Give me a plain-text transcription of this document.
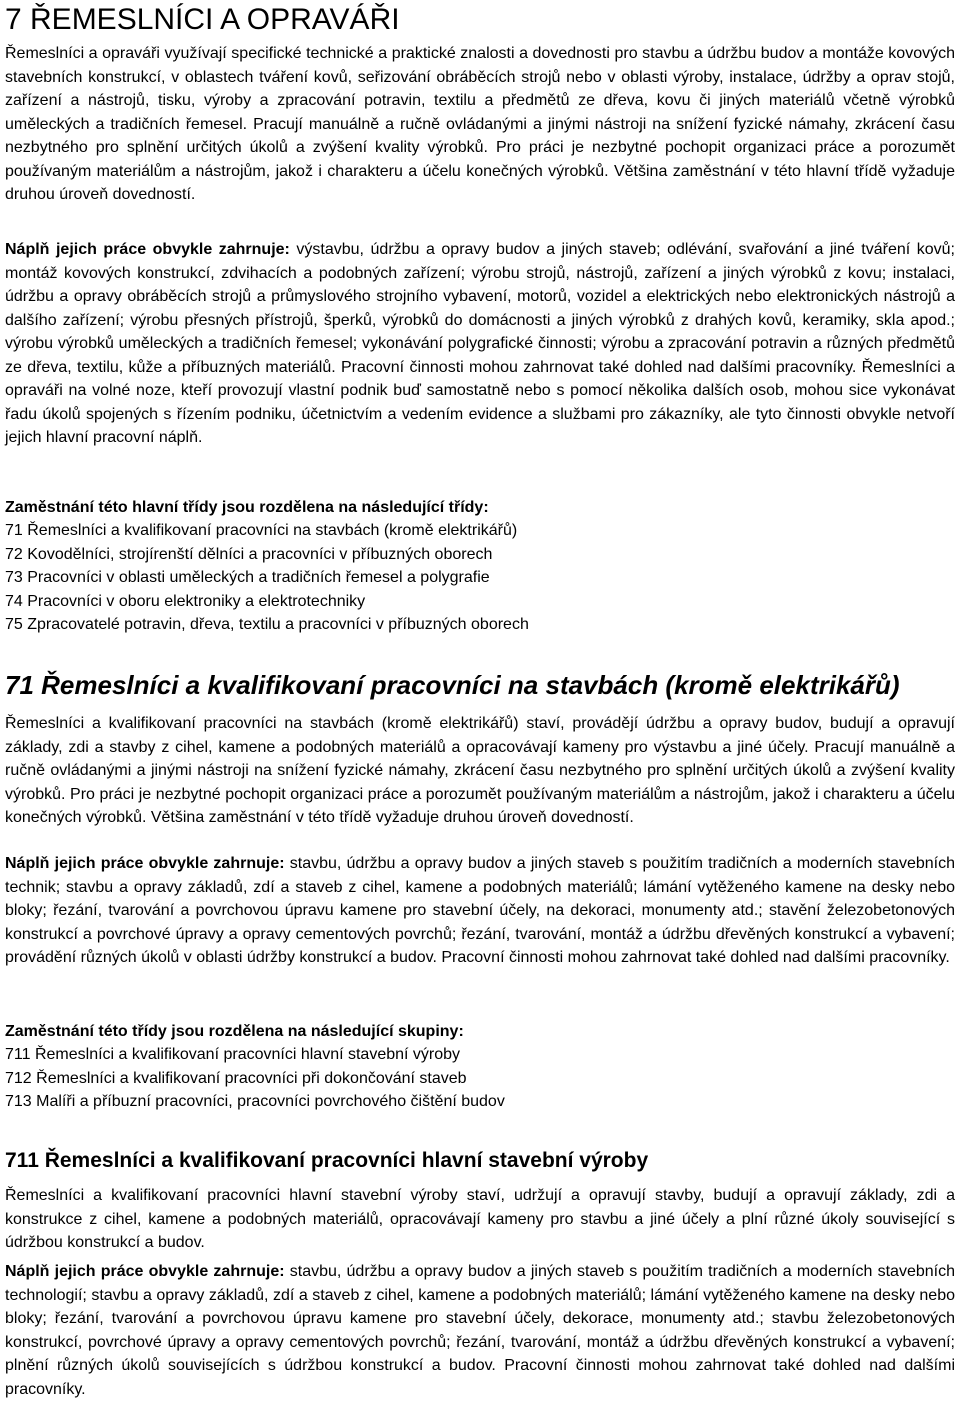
7 ŘEMESLNÍCI A OPRAVÁŘI

Řemeslníci a opraváři využívají specifické technické a praktické znalosti a dovednosti pro stavbu a údržbu budov a montáže kovových stavebních konstrukcí, v oblastech tváření kovů, seřizování obráběcích strojů nebo v oblasti výroby, instalace, údržby a oprav stojů, zařízení a nástrojů, tisku, výroby a zpracování potravin, textilu a předmětů ze dřeva, kovu či jiných materiálů včetně výrobků uměleckých a tradičních řemesel. Pracují manuálně a ručně ovládanými a jinými nástroji na snížení fyzické námahy, zkrácení času nezbytného pro splnění určitých úkolů a zvýšení kvality výrobků. Pro práci je nezbytné pochopit organizaci práce a porozumět používaným materiálům a nástrojům, jakož i charakteru a účelu konečných výrobků. Většina zaměstnání v této hlavní třídě vyžaduje druhou úroveň dovedností.

Náplň jejich práce obvykle zahrnuje: výstavbu, údržbu a opravy budov a jiných staveb; odlévání, svařování a jiné tváření kovů; montáž kovových konstrukcí, zdvihacích a podobných zařízení; výrobu strojů, nástrojů, zařízení a jiných výrobků z kovu; instalaci, údržbu a opravy obráběcích strojů a průmyslového strojního vybavení, motorů, vozidel a elektrických nebo elektronických nástrojů a dalšího zařízení; výrobu přesných přístrojů, šperků, výrobků do domácnosti a jiných výrobků z drahých kovů, keramiky, skla apod.; výrobu výrobků uměleckých a tradičních řemesel; vykonávání polygrafické činnosti; výrobu a zpracování potravin a různých předmětů ze dřeva, textilu, kůže a příbuzných materiálů. Pracovní činnosti mohou zahrnovat také dohled nad dalšími pracovníky. Řemeslníci a opraváři na volné noze, kteří provozují vlastní podnik buď samostatně nebo s pomocí několika dalších osob, mohou sice vykonávat řadu úkolů spojených s řízením podniku, účetnictvím a vedením evidence a službami pro zákazníky, ale tyto činnosti obvykle netvoří jejich hlavní pracovní náplň.

Zaměstnání této hlavní třídy jsou rozdělena na následující třídy:

71 Řemeslníci a kvalifikovaní pracovníci na stavbách (kromě elektrikářů)
72 Kovodělníci, strojírenští dělníci a pracovníci v příbuzných oborech
73 Pracovníci v oblasti uměleckých a tradičních řemesel a polygrafie
74 Pracovníci v oboru elektroniky a elektrotechniky
75 Zpracovatelé potravin, dřeva, textilu a pracovníci v příbuzných oborech
71 Řemeslníci a kvalifikovaní pracovníci na stavbách (kromě elektrikářů)

Řemeslníci a kvalifikovaní pracovníci na stavbách (kromě elektrikářů) staví, provádějí údržbu a opravy budov, budují a opravují základy, zdi a stavby z cihel, kamene a podobných materiálů a opracovávají kameny pro výstavbu a jiné účely. Pracují manuálně a ručně ovládanými a jinými nástroji na snížení fyzické námahy, zkrácení času nezbytného pro splnění určitých úkolů a zvýšení kvality výrobků. Pro práci je nezbytné pochopit organizaci práce a porozumět používaným materiálům a nástrojům, jakož i charakteru a účelu konečných výrobků. Většina zaměstnání v této třídě vyžaduje druhou úroveň dovedností.

Náplň jejich práce obvykle zahrnuje: stavbu, údržbu a opravy budov a jiných staveb s použitím tradičních a moderních stavebních technik; stavbu a opravy základů, zdí a staveb z cihel, kamene a podobných materiálů; lámání vytěženého kamene na desky nebo bloky; řezání, tvarování a povrchovou úpravu kamene pro stavební účely, na dekoraci, monumenty atd.; stavění železobetonových konstrukcí a povrchové úpravy a opravy cementových povrchů; řezání, tvarování, montáž a údržbu dřevěných konstrukcí a vybavení; provádění různých úkolů v oblasti údržby konstrukcí a budov. Pracovní činnosti mohou zahrnovat také dohled nad dalšími pracovníky.

Zaměstnání této třídy jsou rozdělena na následující skupiny:

711 Řemeslníci a kvalifikovaní pracovníci hlavní stavební výroby
712 Řemeslníci a kvalifikovaní pracovníci při dokončování staveb
713 Malíři a příbuzní pracovníci, pracovníci povrchového čištění budov
711 Řemeslníci a kvalifikovaní pracovníci hlavní stavební výroby

Řemeslníci a kvalifikovaní pracovníci hlavní stavební výroby staví, udržují a opravují stavby, budují a opravují základy, zdi a konstrukce z cihel, kamene a podobných materiálů, opracovávají kameny pro stavbu a jiné účely a plní různé úkoly související s údržbou konstrukcí a budov.

Náplň jejich práce obvykle zahrnuje: stavbu, údržbu a opravy budov a jiných staveb s použitím tradičních a moderních stavebních technologií; stavbu a opravy základů, zdí a staveb z cihel, kamene a podobných materiálů; lámání vytěženého kamene na desky nebo bloky; řezání, tvarování a povrchovou úpravu kamene pro stavební účely, dekorace, monumenty atd.; stavbu železobetonových konstrukcí, povrchové úpravy a opravy cementových povrchů; řezání, tvarování, montáž a údržbu dřevěných konstrukcí a vybavení; plnění různých úkolů souvisejících s údržbou konstrukcí a budov. Pracovní činnosti mohou zahrnovat také dohled nad dalšími pracovníky.
